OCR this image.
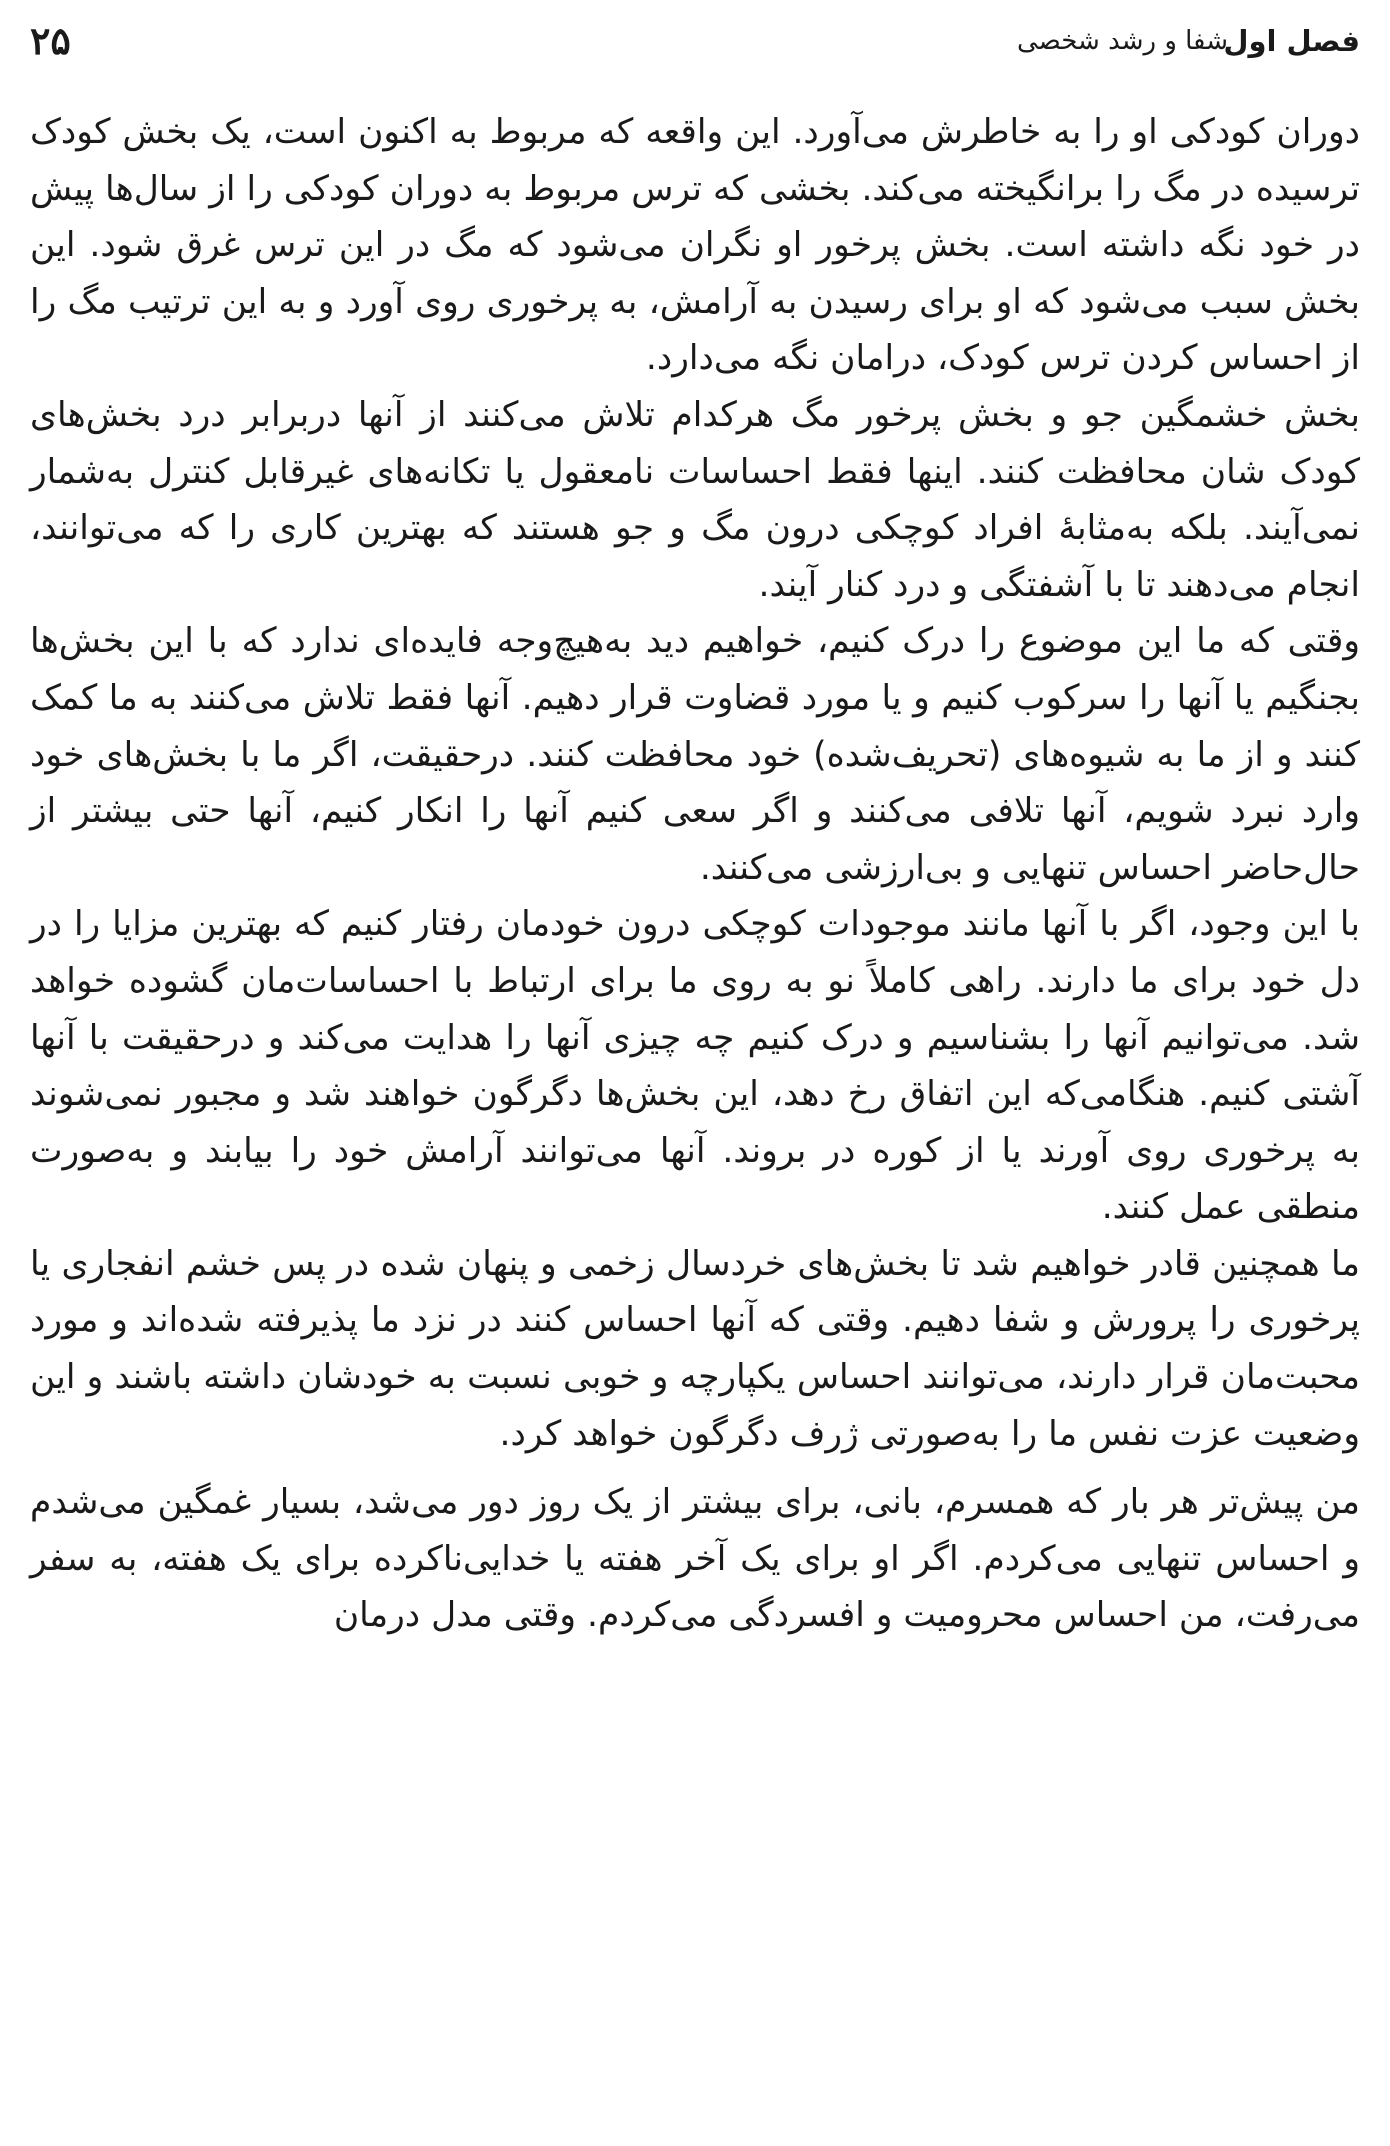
فصل اول
شفا و رشد شخصی
۲۵

دوران کودکی او را به خاطرش می‌آورد. این واقعه که مربوط به اکنون است، یک بخش کودک ترسیده در مگ را برانگیخته می‌کند. بخشی که ترس مربوط به دوران کودکی را از سال‌ها پیش در خود نگه داشته است. بخش پرخور او نگران می‌شود که مگ در این ترس غرق شود. این بخش سبب می‌شود که او برای رسیدن به آرامش، به پرخوری روی آورد و به این ترتیب مگ را از احساس کردن ترس کودک، درامان نگه می‌دارد.

بخش خشمگین جو و بخش پرخور مگ هرکدام تلاش می‌کنند از آنها دربرابر درد بخش‌های کودک شان محافظت کنند. اینها فقط احساسات نامعقول یا تکانه‌های غیرقابل کنترل به‌شمار نمی‌آیند. بلکه به‌مثابهٔ افراد کوچکی درون مگ و جو هستند که بهترین کاری را که می‌توانند، انجام می‌دهند تا با آشفتگی و درد کنار آیند.

وقتی که ما این موضوع را درک کنیم، خواهیم دید به‌هیچ‌وجه فایده‌ای ندارد که با این بخش‌ها بجنگیم یا آنها را سرکوب کنیم و یا مورد قضاوت قرار دهیم. آنها فقط تلاش می‌کنند به ما کمک کنند و از ما به شیوه‌های (تحریف‌شده) خود محافظت کنند. درحقیقت، اگر ما با بخش‌های خود وارد نبرد شویم، آنها تلافی می‌کنند و اگر سعی کنیم آنها را انکار کنیم، آنها حتی بیشتر از حال‌حاضر احساس تنهایی و بی‌ارزشی می‌کنند.

با این وجود، اگر با آنها مانند موجودات کوچکی درون خودمان رفتار کنیم که بهترین مزایا را در دل خود برای ما دارند. راهی کاملاً نو به روی ما برای ارتباط با احساسات‌مان گشوده خواهد شد. می‌توانیم آنها را بشناسیم و درک کنیم چه چیزی آنها را هدایت می‌کند و درحقیقت با آنها آشتی کنیم. هنگامی‌که این اتفاق رخ دهد، این بخش‌ها دگرگون خواهند شد و مجبور نمی‌شوند به پرخوری روی آورند یا از کوره در بروند. آنها می‌توانند آرامش خود را بیابند و به‌صورت منطقی عمل کنند.

ما همچنین قادر خواهیم شد تا بخش‌های خردسال زخمی و پنهان شده در پس خشم انفجاری یا پرخوری را پرورش و شفا دهیم. وقتی که آنها احساس کنند در نزد ما پذیرفته شده‌اند و مورد محبت‌مان قرار دارند، می‌توانند احساس یکپارچه و خوبی نسبت به خودشان داشته باشند و این وضعیت عزت نفس ما را به‌صورتی ژرف دگرگون خواهد کرد.

من پیش‌تر هر بار که همسرم، بانی، برای بیشتر از یک روز دور می‌شد، بسیار غمگین می‌شدم و احساس تنهایی می‌کردم. اگر او برای یک آخر هفته یا خدایی‌ناکرده برای یک هفته، به سفر می‌رفت، من احساس محرومیت و افسردگی می‌کردم. وقتی مدل درمان
